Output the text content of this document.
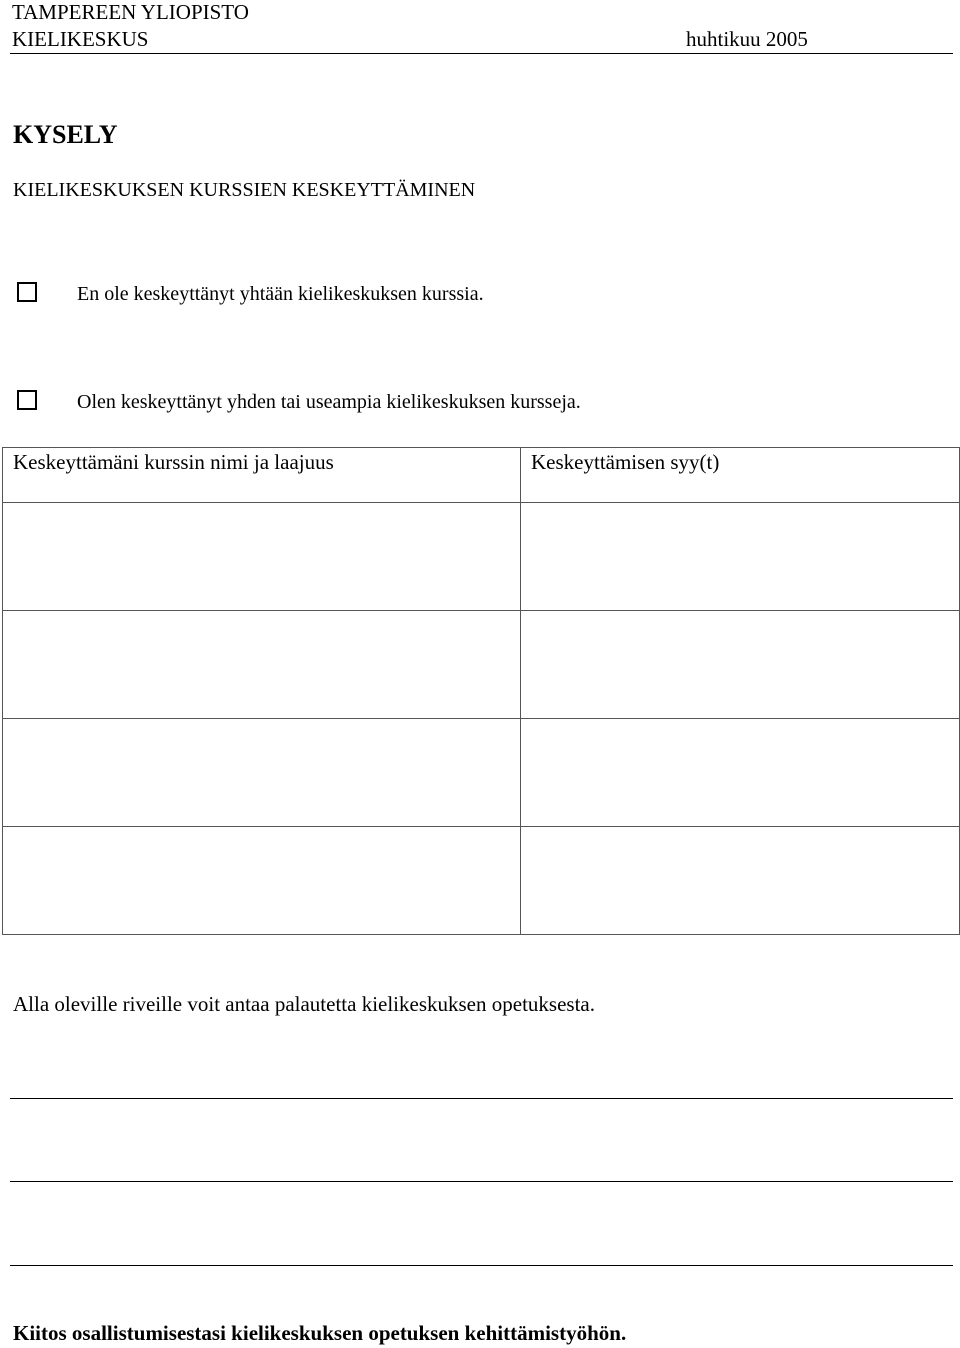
TAMPEREEN YLIOPISTO
KIELIKESKUS	huhtikuu 2005
KYSELY
KIELIKESKUKSEN KURSSIEN KESKEYTTÄMINEN
En ole keskeyttänyt yhtään kielikeskuksen kurssia.
Olen keskeyttänyt yhden tai useampia kielikeskuksen kursseja.
Keskeyttämäni kurssin nimi ja laajuus	Keskeyttämisen syy(t)

Alla oleville riveille voit antaa palautetta kielikeskuksen opetuksesta.
Kiitos osallistumisestasi kielikeskuksen opetuksen kehittämistyöhön.
